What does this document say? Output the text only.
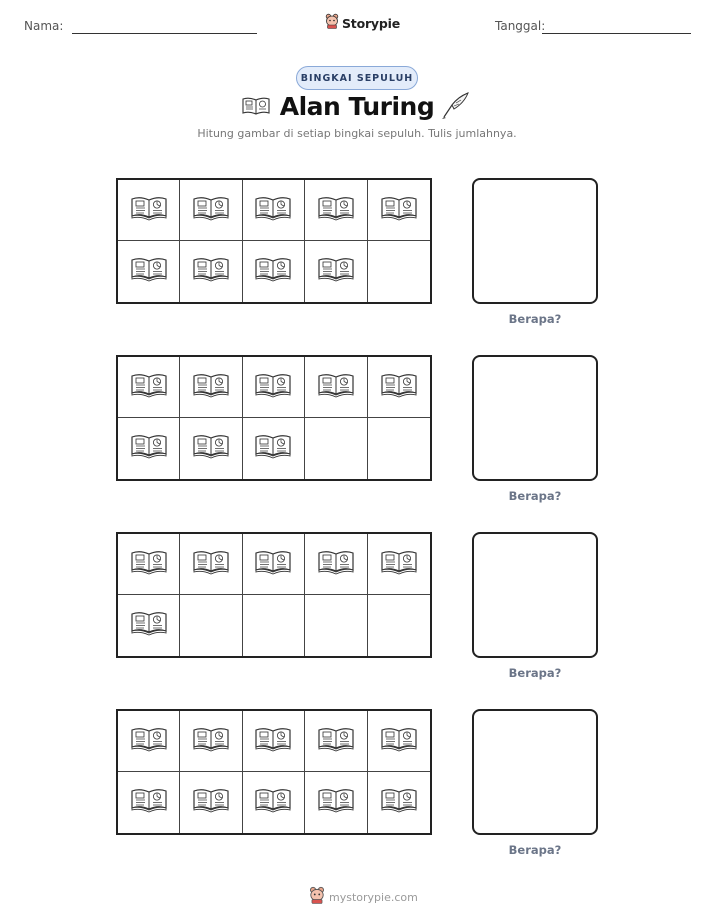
Nama:	Storypie	Tanggal:
BINGKAI SEPULUH
Alan Turing
Hitung gambar di setiap bingkai sepuluh. Tulis jumlahnya.
Berapa?
Berapa?
Berapa?
Berapa?
mystorypie.com
